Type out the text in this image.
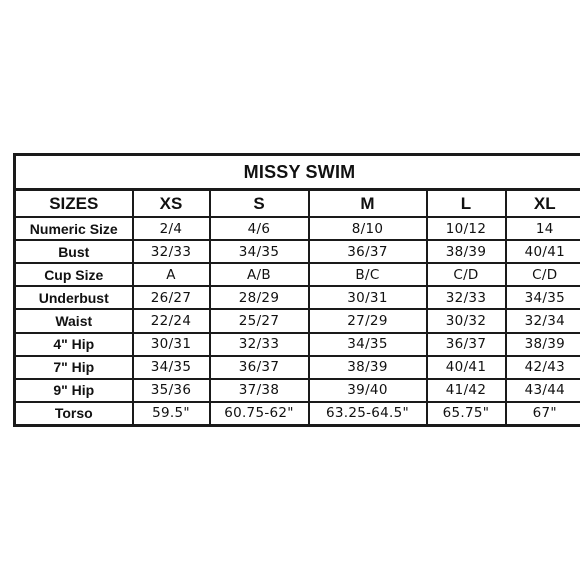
MISSY SWIM					
SIZES	XS	S	M	L	XL
Numeric Size	2/4	4/6	8/10	10/12	14
Bust	32/33	34/35	36/37	38/39	40/41
Cup Size	A	A/B	B/C	C/D	C/D
Underbust	26/27	28/29	30/31	32/33	34/35
Waist	22/24	25/27	27/29	30/32	32/34
4" Hip	30/31	32/33	34/35	36/37	38/39
7" Hip	34/35	36/37	38/39	40/41	42/43
9" Hip	35/36	37/38	39/40	41/42	43/44
Torso	59.5"	60.75-62"	63.25-64.5"	65.75"	67"
